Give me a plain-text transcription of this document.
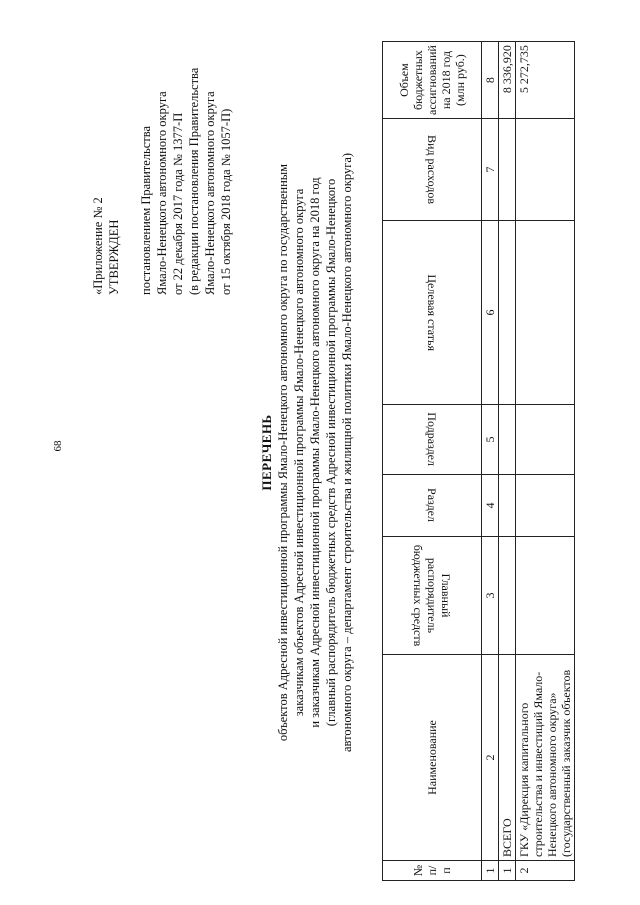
68
«Приложение № 2 УТВЕРЖДЕН постановлением Правительства Ямало-Ненецкого автономного округа от 22 декабря 2017 года № 1377-П (в редакции постановления Правительства Ямало-Ненецкого автономного округа от 15 октября 2018 года № 1057-П)
ПЕРЕЧЕНЬ объектов Адресной инвестиционной программы Ямало-Ненецкого автономного округа по государственным заказчикам объектов Адресной инвестиционной программы Ямало-Ненецкого автономного округа и заказчикам Адресной инвестиционной программы Ямало-Ненецкого автономного округа на 2018 год (главный распорядитель бюджетных средств Адресной инвестиционной программы Ямало-Ненецкого автономного округа – департамент строительства и жилищной политики Ямало-Ненецкого автономного округа)
№ п/п	Наименование	Главный распорядитель бюджетных средств	Раздел	Подраздел	Целевая статья	Вид расходов	Объем бюджетных ассигнований на 2018 год (млн руб.)
1	2	3	4	5	6	7	8
1	ВСЕГО						8 336,920
2	ГКУ «Дирекция капитального строительства и инвестиций Ямало-Ненецкого автономного округа» (государственный заказчик объектов						5 272,735
